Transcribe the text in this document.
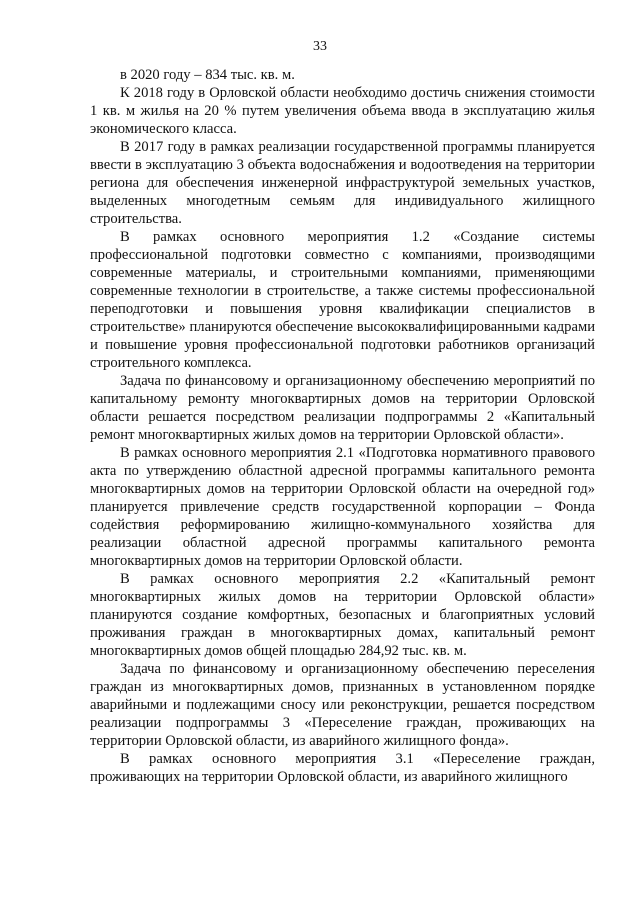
33

в 2020 году – 834 тыс. кв. м.

К 2018 году в Орловской области необходимо достичь снижения стоимости 1 кв. м жилья на 20 % путем увеличения объема ввода в эксплуатацию жилья экономического класса.

В 2017 году в рамках реализации государственной программы планируется ввести в эксплуатацию 3 объекта водоснабжения и водоотведения на территории региона для обеспечения инженерной инфраструктурой земельных участков, выделенных многодетным семьям для индивидуального жилищного строительства.

В рамках основного мероприятия 1.2 «Создание системы профессиональной подготовки совместно с компаниями, производящими современные материалы, и строительными компаниями, применяющими современные технологии в строительстве, а также системы профессиональной переподготовки и повышения уровня квалификации специалистов в строительстве» планируются обеспечение высококвалифицированными кадрами и повышение уровня профессиональной подготовки работников организаций строительного комплекса.

Задача по финансовому и организационному обеспечению мероприятий по капитальному ремонту многоквартирных домов на территории Орловской области решается посредством реализации подпрограммы 2 «Капитальный ремонт многоквартирных жилых домов на территории Орловской области».

В рамках основного мероприятия 2.1 «Подготовка нормативного правового акта по утверждению областной адресной программы капитального ремонта многоквартирных домов на территории Орловской области на очередной год» планируется привлечение средств государственной корпорации – Фонда содействия реформированию жилищно-коммунального хозяйства для реализации областной адресной программы капитального ремонта многоквартирных домов на территории Орловской области.

В рамках основного мероприятия 2.2 «Капитальный ремонт многоквартирных жилых домов на территории Орловской области» планируются создание комфортных, безопасных и благоприятных условий проживания граждан в многоквартирных домах, капитальный ремонт многоквартирных домов общей площадью 284,92 тыс. кв. м.

Задача по финансовому и организационному обеспечению переселения граждан из многоквартирных домов, признанных в установленном порядке аварийными и подлежащими сносу или реконструкции, решается посредством реализации подпрограммы 3 «Переселение граждан, проживающих на территории Орловской области, из аварийного жилищного фонда».

В рамках основного мероприятия 3.1 «Переселение граждан, проживающих на территории Орловской области, из аварийного жилищного
